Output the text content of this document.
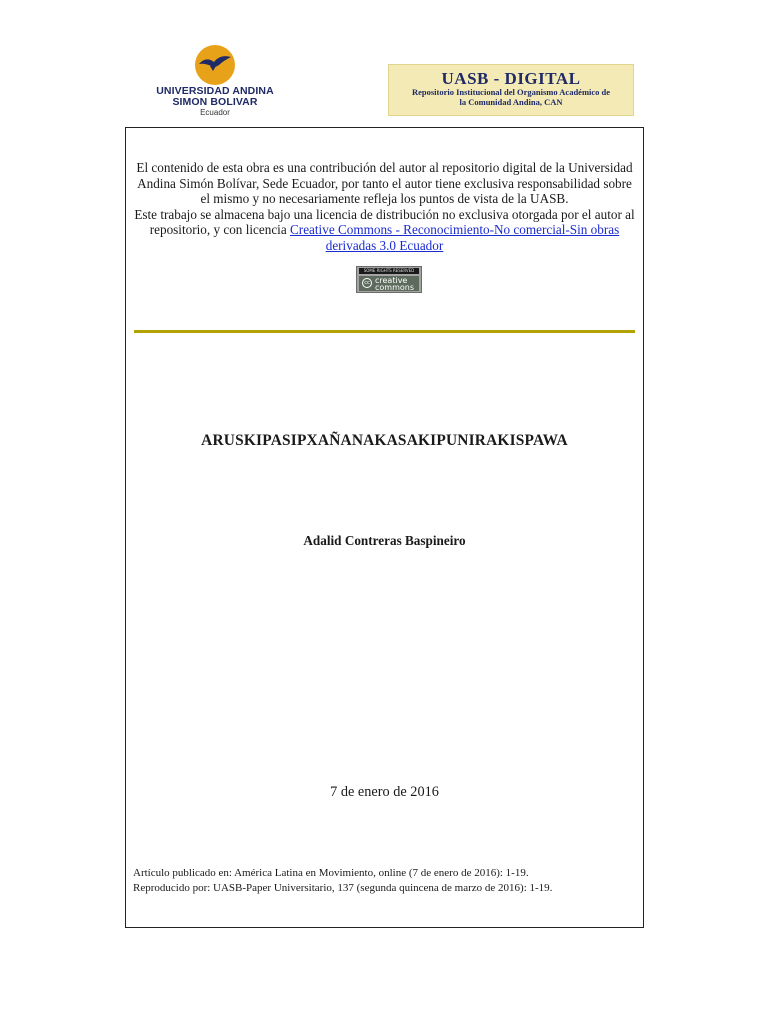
UNIVERSIDAD ANDINA
SIMON BOLIVAR
Ecuador
UASB - DIGITAL
Repositorio Institucional del Organismo Académico de
la Comunidad Andina, CAN
El contenido de esta obra es una contribución del autor al repositorio digital de la Universidad Andina Simón Bolívar, Sede Ecuador, por tanto el autor tiene exclusiva responsabilidad sobre el mismo y no necesariamente refleja los puntos de vista de la UASB.
Este trabajo se almacena bajo una licencia de distribución no exclusiva otorgada por el autor al repositorio, y con licencia Creative Commons - Reconocimiento-No comercial-Sin obras derivadas 3.0 Ecuador
SOME RIGHTS RESERVED
cc creative commons
ARUSKIPASIPXAÑANAKASAKIPUNIRAKISPAWA
Adalid Contreras Baspineiro
7 de enero de 2016
Artículo publicado en: América Latina en Movimiento, online (7 de enero de 2016): 1-19.
Reproducido por: UASB-Paper Universitario, 137 (segunda quincena de marzo de 2016): 1-19.
